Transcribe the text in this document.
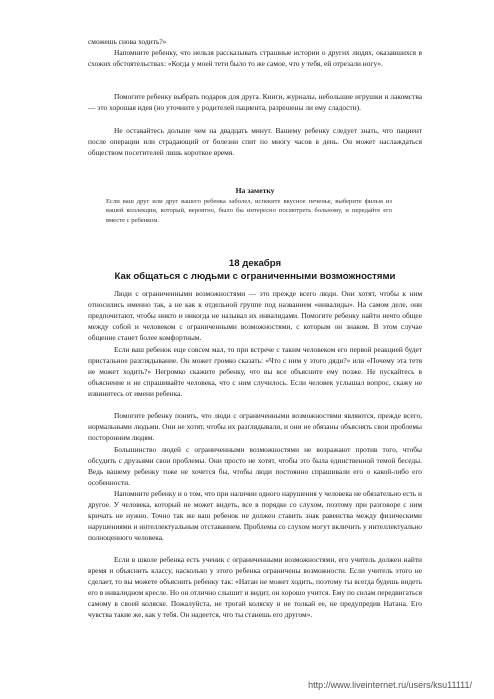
сможешь снова ходить?»

Напомните ребенку, что нельзя рассказывать страшные истории о других людях, оказавшихся в схожих обстоятельствах: «Когда у моей тети было то же самое, что у тебя, ей отрезали ногу».

Помогите ребенку выбрать подарок для друга. Книги, журналы, небольшие игрушки и лакомства — это хорошая идея (но уточните у родителей пациента, разрешены ли ему сладости).

Не оставайтесь дольше чем на двадцать минут. Вашему ребенку следует знать, что пациент после операции или страдающий от болезни спит по многу часов в день. Он может наслаждаться обществом посетителей лишь короткое время.

На заметку

Если ваш друг или друг вашего ребенка заболел, испеките вкусное печенье, выберите фильм из вашей коллекции, который, вероятно, было бы интересно посмотреть больному, и передайте его вместе с ребенком.

18 декабря

Как общаться с людьми с ограниченными возможностями

Люди с ограниченными возможностями — это прежде всего люди. Они хотят, чтобы к ним относились именно так, а не как к отдельной группе под названием «инвалиды». На самом деле, они предпочитают, чтобы никто и никогда не называл их инвалидами. Помогите ребенку найти нечто общее между собой и человеком с ограниченными возможностями, с которым он знаком. В этом случае общение станет более комфортным.

Если ваш ребенок еще совсем мал, то при встрече с таким человеком его первой реакцией будет пристальное разглядывание. Он может громко сказать: «Что с ним у этого дяди?» или «Почему эта тетя не может ходить?» Негромко скажите ребенку, что вы все объясните ему позже. Не пускайтесь в объяснение и не спрашивайте человека, что с ним случилось. Если человек услышал вопрос, скажу не извинитесь от имени ребенка.

Помогите ребенку понять, что люди с ограниченными возможностями являются, прежде всего, нормальными людьми. Они не хотят, чтобы их разглядывали, и они не обязаны объяснять свои проблемы посторонним людям.

Большинство людей с ограниченными возможностями не возражают против того, чтобы обсудить с друзьями свои проблемы. Они просто не хотят, чтобы это была единственной темой беседы. Ведь вашему ребенку тоже не хочется бы, чтобы люди постоянно спрашивали его о какой-либо его особенности.

Напомните ребенку и о том, что при наличии одного нарушения у человека не обязательно есть и другое. У человека, который не может видеть, все в порядке со слухом, поэтому при разговоре с ним кричать не нужно. Точно так же ваш ребенок не должен ставить знак равенства между физическими нарушениями и интеллектуальным отставанием. Проблемы со слухом могут вкличить у интеллектуально полноценного человека.

Если в школе ребенка есть ученик с ограниченными возможностями, его учитель должен найти время и объяснить классу, насколько у этого ребенка ограничены возможности. Если учитель этого не сделает, то вы можете объяснить ребенку так: «Натан не может ходить, поэтому ты всегда будешь видеть его в инвалидном кресле. Но он отлично слышит и видит, он хорошо учится. Ему по силам передвигаться самому в своей коляске. Пожалуйста, не трогай коляску и не толкай ее, не предупредив Натана. Его чувства такие же, как у тебя. Он надеется, что ты станешь его другом».

http://www.liveinternet.ru/users/ksu11111/
